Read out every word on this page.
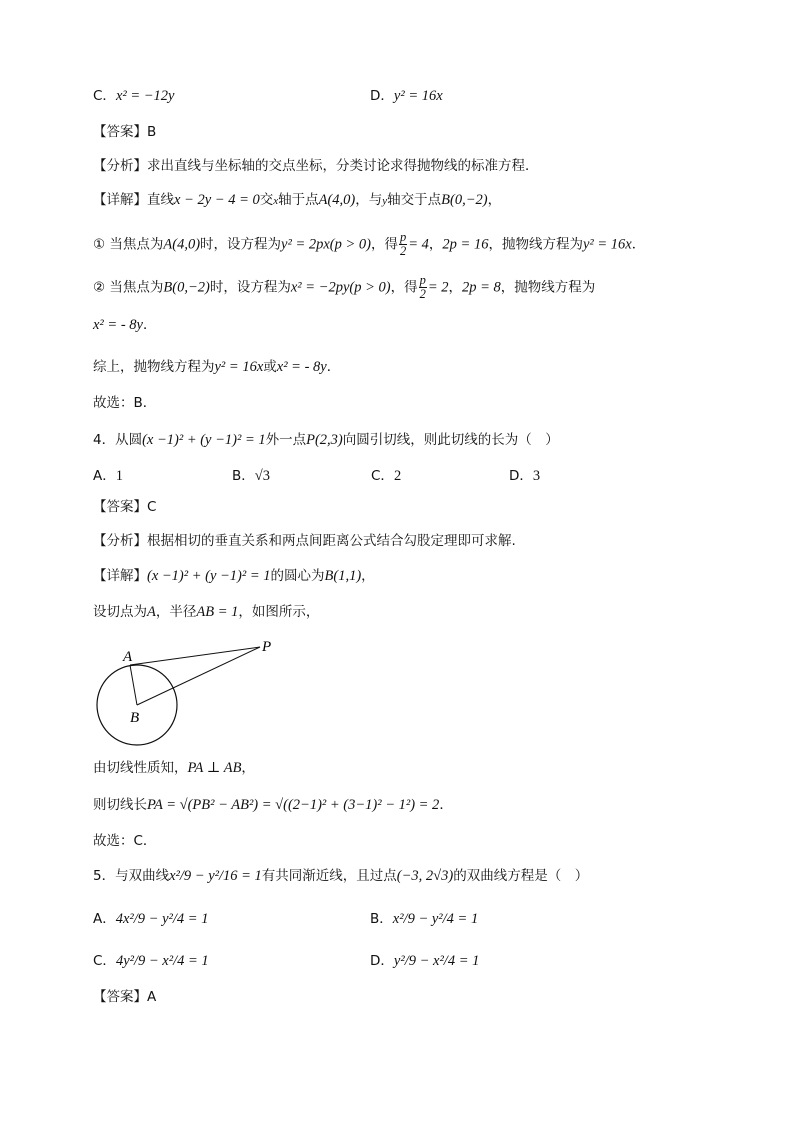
C．x² = −12y	D．y² = 16x
【答案】B
【分析】求出直线与坐标轴的交点坐标，分类讨论求得抛物线的标准方程．
【详解】直线x − 2y − 4 = 0交x轴于点A(4,0)，与y轴交于点B(0,−2)，
① 当焦点为A(4,0)时，设方程为y² = 2px(p > 0)，得 $\frac{p}{2} = 4$，2p = 16，抛物线方程为y² = 16x．
② 当焦点为B(0,−2)时，设方程为x² = −2py(p > 0)，得 $\frac{p}{2} = 2$，2p = 8，抛物线方程为
x² = - 8y．
综上，抛物线方程为y² = 16x或x² = - 8y．
故选：B．
4．从圆(x −1)² + (y −1)² = 1外一点P(2,3)向圆引切线，则此切线的长为（　）
A．1	B．√3	C．2	D．3
【答案】C
【分析】根据相切的垂直关系和两点间距离公式结合勾股定理即可求解.
【详解】(x −1)² + (y −1)² = 1的圆心为B(1,1)，
设切点为A，半径AB = 1，如图所示，
A
B
P
由切线性质知，PA ⊥ AB，
则切线长PA = √(PB² − AB²) = √((2−1)² + (3−1)² − 1²) = 2．
故选：C．
5．与双曲线x²/9 − y²/16 = 1有共同渐近线，且过点(−3, 2√3)的双曲线方程是（　）
A．4x²/9 − y²/4 = 1	B．x²/9 − y²/4 = 1
C．4y²/9 − x²/4 = 1	D．y²/9 − x²/4 = 1
【答案】A
